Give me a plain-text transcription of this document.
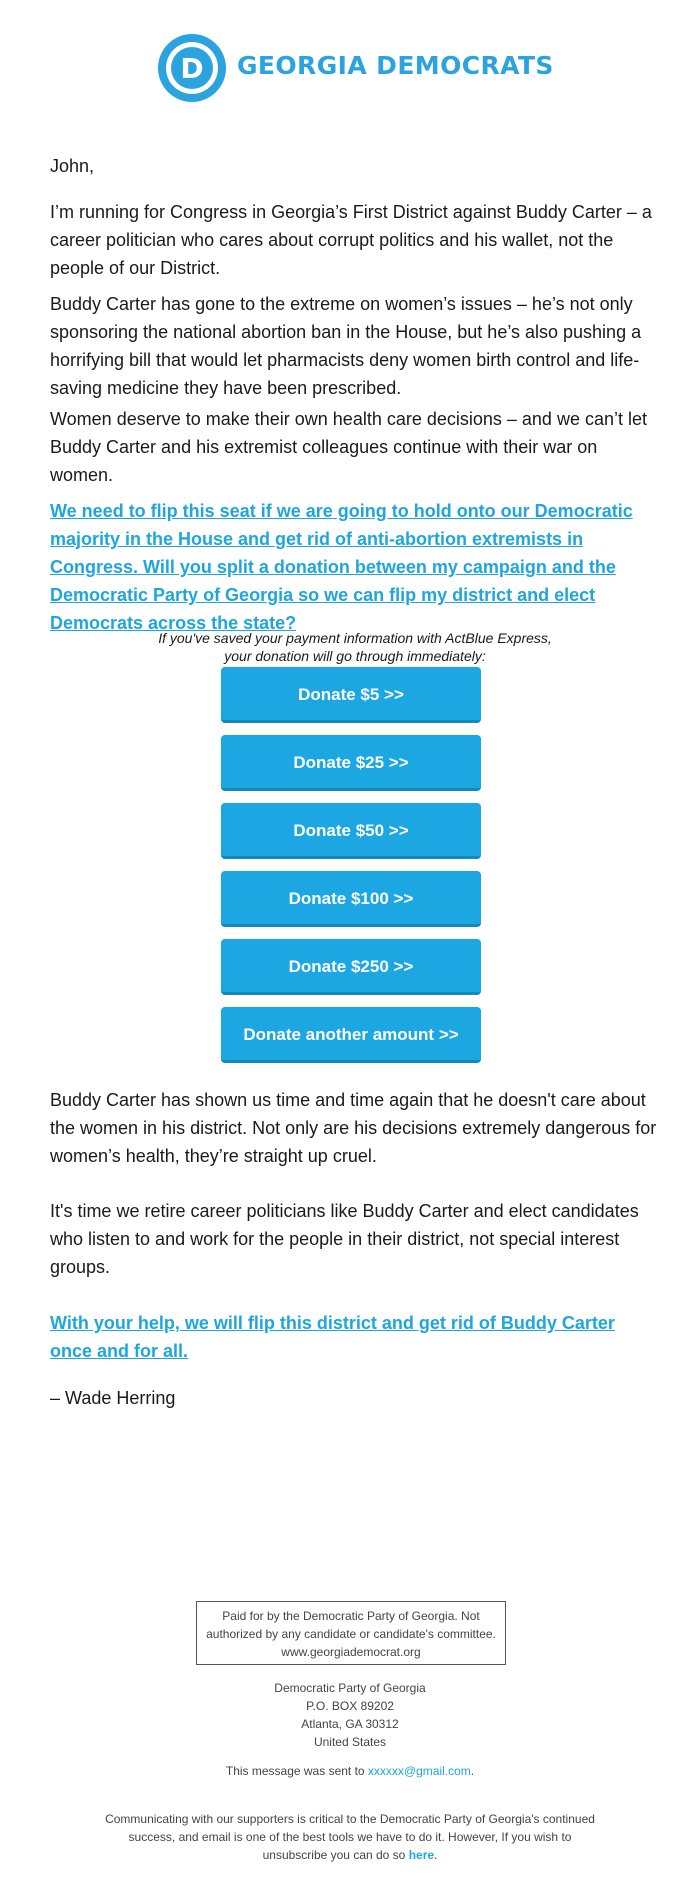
D GEORGIA DEMOCRATS

John,

I’m running for Congress in Georgia’s First District against Buddy Carter – a career politician who cares about corrupt politics and his wallet, not the people of our District.

Buddy Carter has gone to the extreme on women’s issues – he’s not only sponsoring the national abortion ban in the House, but he’s also pushing a horrifying bill that would let pharmacists deny women birth control and life-saving medicine they have been prescribed.

Women deserve to make their own health care decisions – and we can’t let Buddy Carter and his extremist colleagues continue with their war on women.

We need to flip this seat if we are going to hold onto our Democratic majority in the House and get rid of anti-abortion extremists in Congress. Will you split a donation between my campaign and the Democratic Party of Georgia so we can flip my district and elect Democrats across the state?

If you've saved your payment information with ActBlue Express,
your donation will go through immediately:
Donate $5 >>
Donate $25 >>
Donate $50 >>
Donate $100 >>
Donate $250 >>
Donate another amount >>

Buddy Carter has shown us time and time again that he doesn't care about the women in his district. Not only are his decisions extremely dangerous for women’s health, they’re straight up cruel.

It's time we retire career politicians like Buddy Carter and elect candidates who listen to and work for the people in their district, not special interest groups.

With your help, we will flip this district and get rid of Buddy Carter once and for all.

– Wade Herring
Paid for by the Democratic Party of Georgia. Not authorized by any candidate or candidate's committee.
www.georgiademocrat.org
Democratic Party of Georgia
P.O. BOX 89202
Atlanta, GA 30312
United States
This message was sent to xxxxxx@gmail.com.
Communicating with our supporters is critical to the Democratic Party of Georgia's continued success, and email is one of the best tools we have to do it. However, If you wish to unsubscribe you can do so here.
